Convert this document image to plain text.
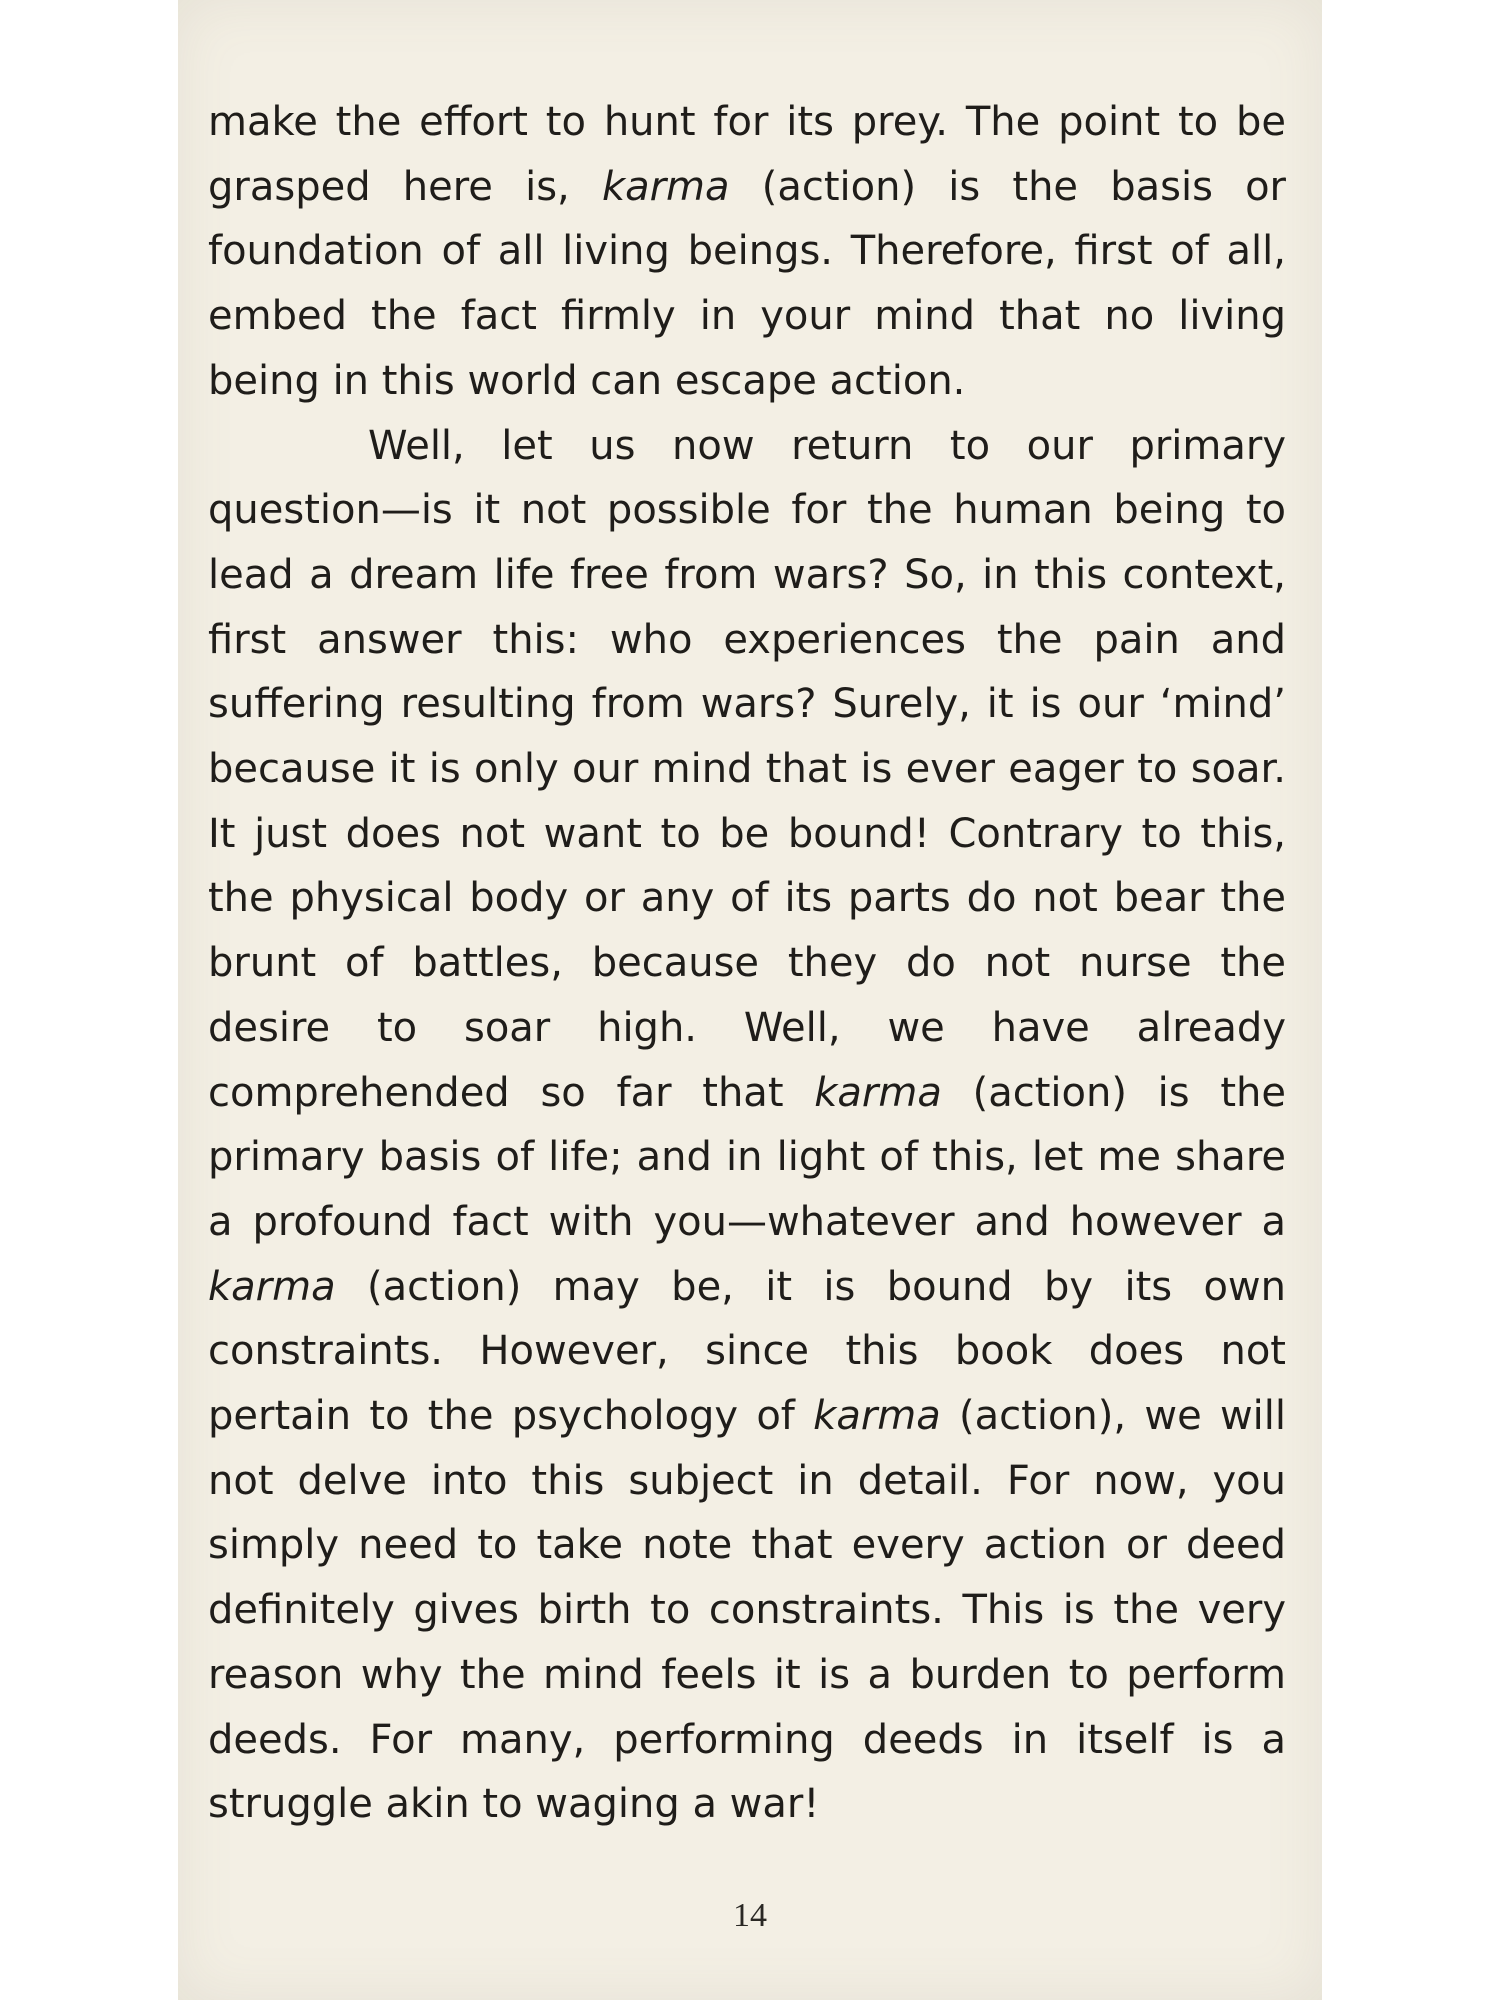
make the effort to hunt for its prey. The point to be grasped here is, karma (action) is the basis or foundation of all living beings. Therefore, first of all, embed the fact firmly in your mind that no living being in this world can escape action.

Well, let us now return to our primary question—is it not possible for the human being to lead a dream life free from wars? So, in this context, first answer this: who experiences the pain and suffering resulting from wars? Surely, it is our ‘mind’ because it is only our mind that is ever eager to soar. It just does not want to be bound! Contrary to this, the physical body or any of its parts do not bear the brunt of battles, because they do not nurse the desire to soar high. Well, we have already comprehended so far that karma (action) is the primary basis of life; and in light of this, let me share a profound fact with you—whatever and however a karma (action) may be, it is bound by its own constraints. However, since this book does not pertain to the psychology of karma (action), we will not delve into this subject in detail. For now, you simply need to take note that every action or deed definitely gives birth to constraints. This is the very reason why the mind feels it is a burden to perform deeds. For many, performing deeds in itself is a struggle akin to waging a war!

14
